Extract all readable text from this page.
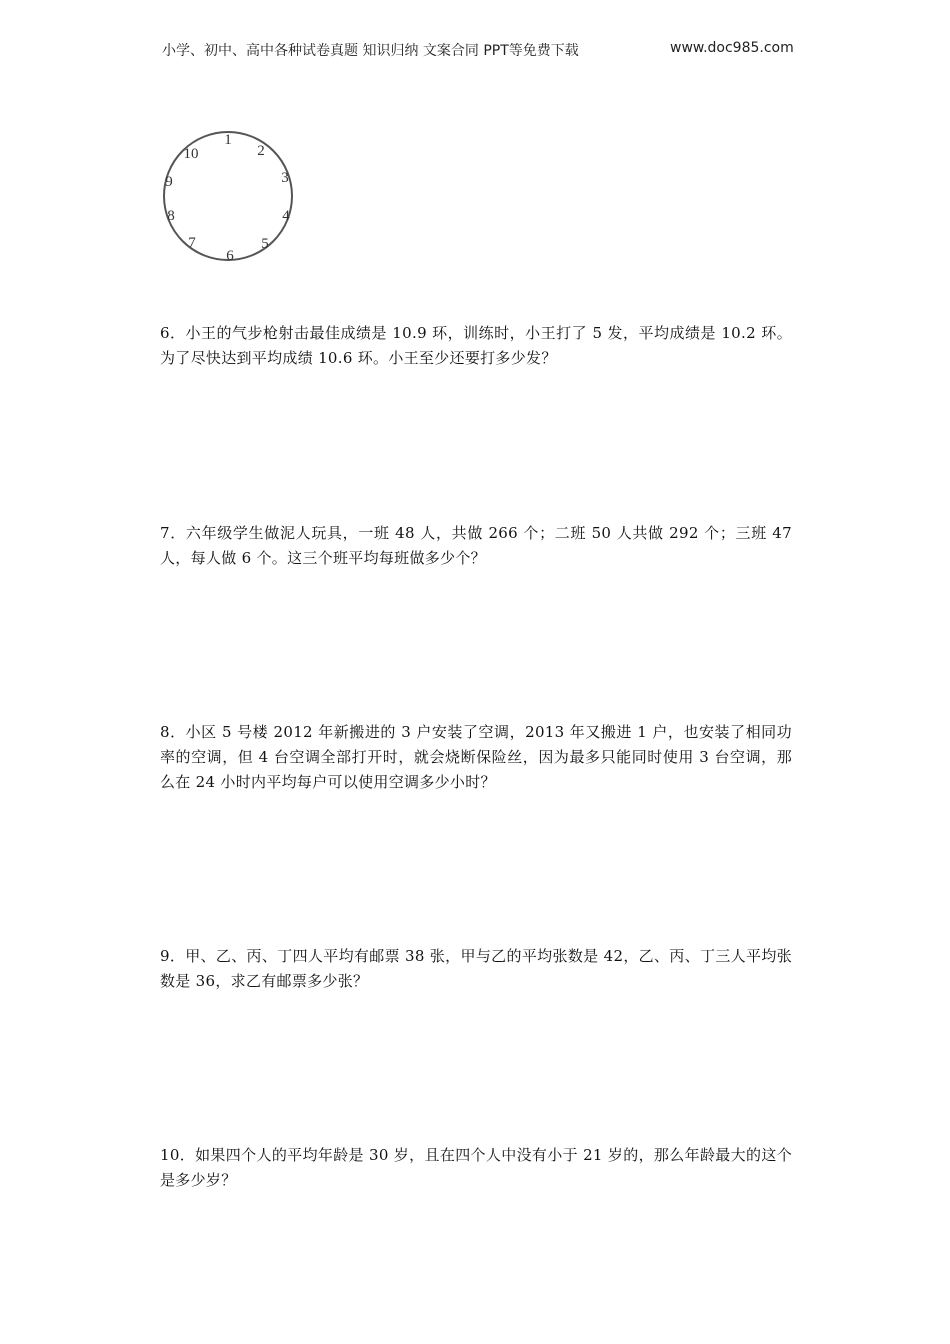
小学、初中、高中各种试卷真题 知识归纳 文案合同 PPT等免费下载	www.doc985.com
1
2
3
4
5
6
7
8
9
10
6．小王的气步枪射击最佳成绩是 10.9 环，训练时，小王打了 5 发，平均成绩是 10.2 环。为了尽快达到平均成绩 10.6 环。小王至少还要打多少发？
7．六年级学生做泥人玩具，一班 48 人，共做 266 个；二班 50 人共做 292 个；三班 47 人，每人做 6 个。这三个班平均每班做多少个？
8．小区 5 号楼 2012 年新搬进的 3 户安装了空调，2013 年又搬进 1 户，也安装了相同功率的空调，但 4 台空调全部打开时，就会烧断保险丝，因为最多只能同时使用 3 台空调，那么在 24 小时内平均每户可以使用空调多少小时？
9．甲、乙、丙、丁四人平均有邮票 38 张，甲与乙的平均张数是 42，乙、丙、丁三人平均张数是 36，求乙有邮票多少张？
10．如果四个人的平均年龄是 30 岁，且在四个人中没有小于 21 岁的，那么年龄最大的这个是多少岁？
